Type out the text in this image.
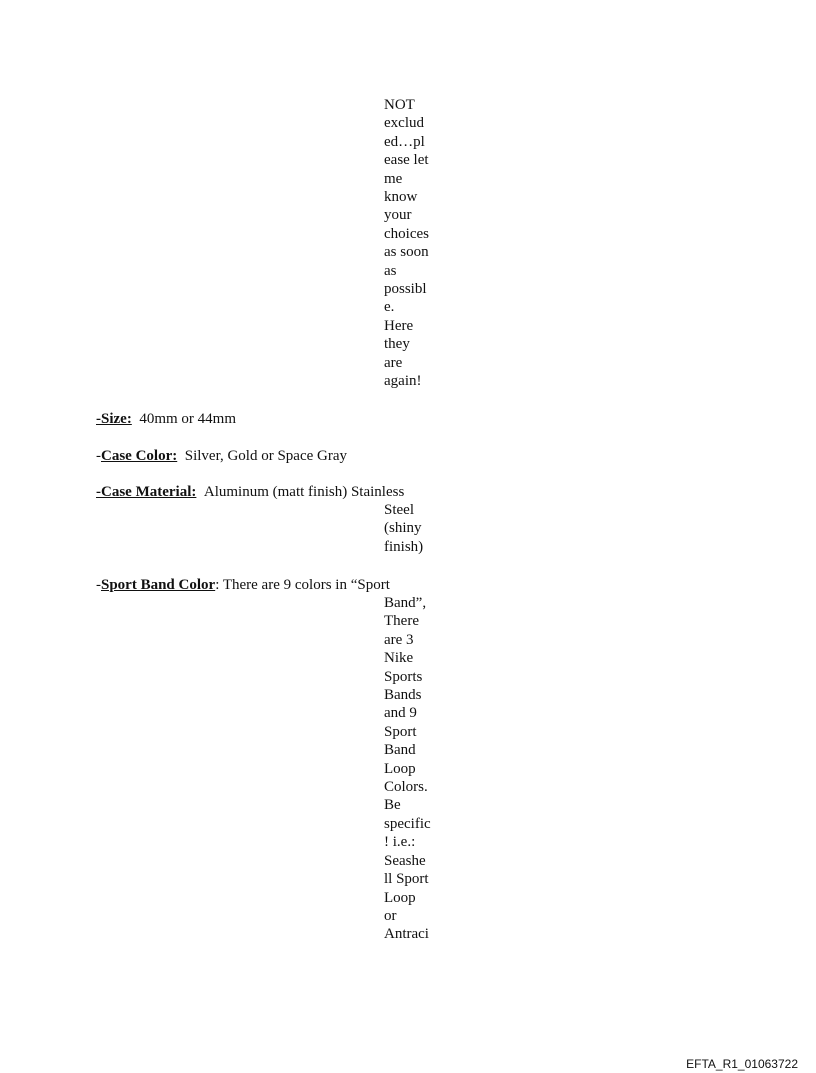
NOT
exclud
ed…pl
ease let
me
know
your
choices
as soon
as
possibl
e.
Here
they
are
again!
-Size: 40mm or 44mm
-Case Color: Silver, Gold or Space Gray
-Case Material: Aluminum (matt finish) Stainless
Steel
(shiny
finish)
-Sport Band Color: There are 9 colors in “Sport
Band”,
There
are 3
Nike
Sports
Bands
and 9
Sport
Band
Loop
Colors.
Be
specific
! i.e.:
Seashe
ll Sport
Loop
or
Antraci
EFTA_R1_01063722
